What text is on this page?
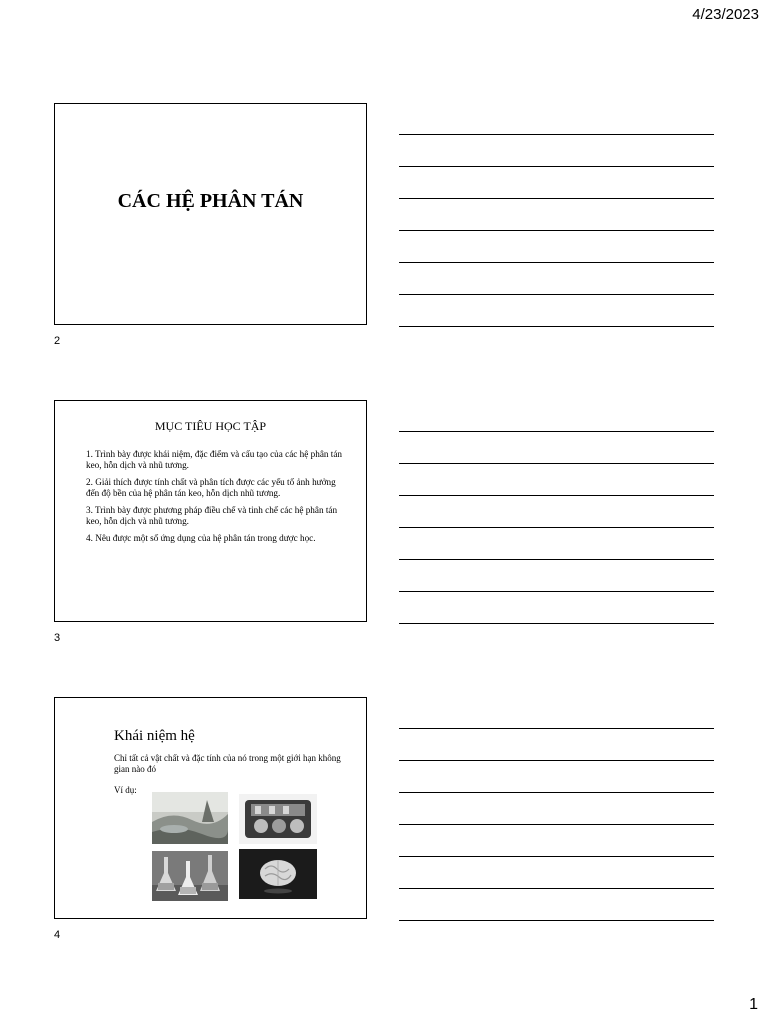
4/23/2023
CÁC HỆ PHÂN TÁN
2
MỤC TIÊU HỌC TẬP
1. Trình bày được khái niệm, đặc điểm và cấu tạo của các hệ phân tán keo, hỗn dịch và nhũ tương.
2. Giải thích được tính chất và phân tích được các yếu tố ảnh hưởng đến độ bền của hệ phân tán keo, hỗn dịch nhũ tương.
3. Trình bày được phương pháp điều chế và tinh chế các hệ phân tán keo, hỗn dịch và nhũ tương.
4. Nêu được một số ứng dụng của hệ phân tán trong dược học.
3
Khái niệm hệ
Chỉ tất cả vật chất và đặc tính của nó trong một giới hạn không gian nào đó
Ví dụ:
4
1
